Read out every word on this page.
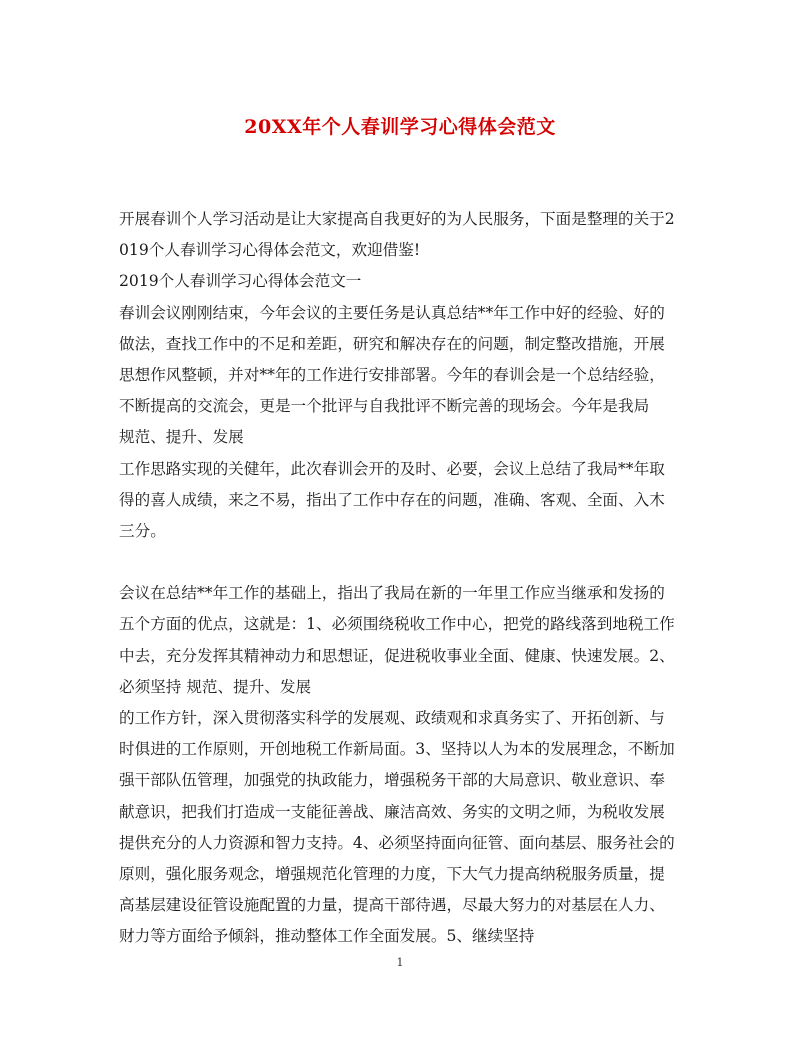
20XX年个人春训学习心得体会范文
开展春训个人学习活动是让大家提高自我更好的为人民服务，下面是整理的关于2
019个人春训学习心得体会范文，欢迎借鉴!
2019个人春训学习心得体会范文一
春训会议刚刚结束，今年会议的主要任务是认真总结**年工作中好的经验、好的
做法，查找工作中的不足和差距，研究和解决存在的问题，制定整改措施，开展
思想作风整顿，并对**年的工作进行安排部署。今年的春训会是一个总结经验，
不断提高的交流会，更是一个批评与自我批评不断完善的现场会。今年是我局
规范、提升、发展
工作思路实现的关健年，此次春训会开的及时、必要，会议上总结了我局**年取
得的喜人成绩，来之不易，指出了工作中存在的问题，准确、客观、全面、入木
三分。
会议在总结**年工作的基础上，指出了我局在新的一年里工作应当继承和发扬的
五个方面的优点，这就是：1、必须围绕税收工作中心，把党的路线落到地税工作
中去，充分发挥其精神动力和思想证，促进税收事业全面、健康、快速发展。2、
必须坚持 规范、提升、发展
的工作方针，深入贯彻落实科学的发展观、政绩观和求真务实了、开拓创新、与
时俱进的工作原则，开创地税工作新局面。3、坚持以人为本的发展理念，不断加
强干部队伍管理，加强党的执政能力，增强税务干部的大局意识、敬业意识、奉
献意识，把我们打造成一支能征善战、廉洁高效、务实的文明之师，为税收发展
提供充分的人力资源和智力支持。4、必须坚持面向征管、面向基层、服务社会的
原则，强化服务观念，增强规范化管理的力度，下大气力提高纳税服务质量，提
高基层建设征管设施配置的力量，提高干部待遇，尽最大努力的对基层在人力、
财力等方面给予倾斜，推动整体工作全面发展。5、继续坚持
1
